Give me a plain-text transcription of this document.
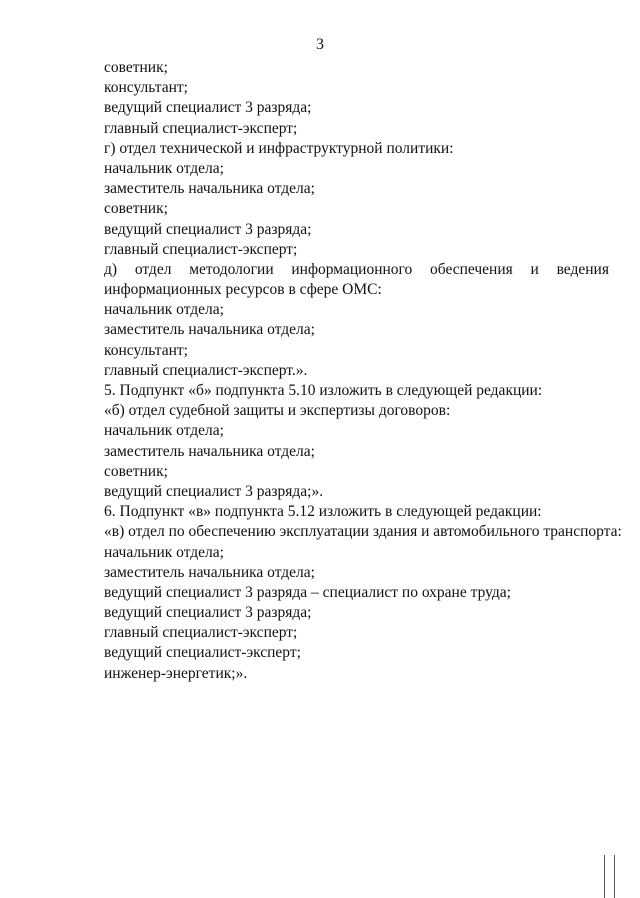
3
советник;
консультант;
ведущий специалист 3 разряда;
главный специалист-эксперт;
г) отдел технической и инфраструктурной политики:
начальник отдела;
заместитель начальника отдела;
советник;
ведущий специалист 3 разряда;
главный специалист-эксперт;
д) отдел методологии информационного обеспечения и ведения
информационных ресурсов в сфере ОМС:
начальник отдела;
заместитель начальника отдела;
консультант;
главный специалист-эксперт.».
5. Подпункт «б» подпункта 5.10 изложить в следующей редакции:
«б) отдел судебной защиты и экспертизы договоров:
начальник отдела;
заместитель начальника отдела;
советник;
ведущий специалист 3 разряда;».
6. Подпункт «в» подпункта 5.12 изложить в следующей редакции:
«в) отдел по обеспечению эксплуатации здания и автомобильного транспорта:
начальник отдела;
заместитель начальника отдела;
ведущий специалист 3 разряда – специалист по охране труда;
ведущий специалист 3 разряда;
главный специалист-эксперт;
ведущий специалист-эксперт;
инженер-энергетик;».
